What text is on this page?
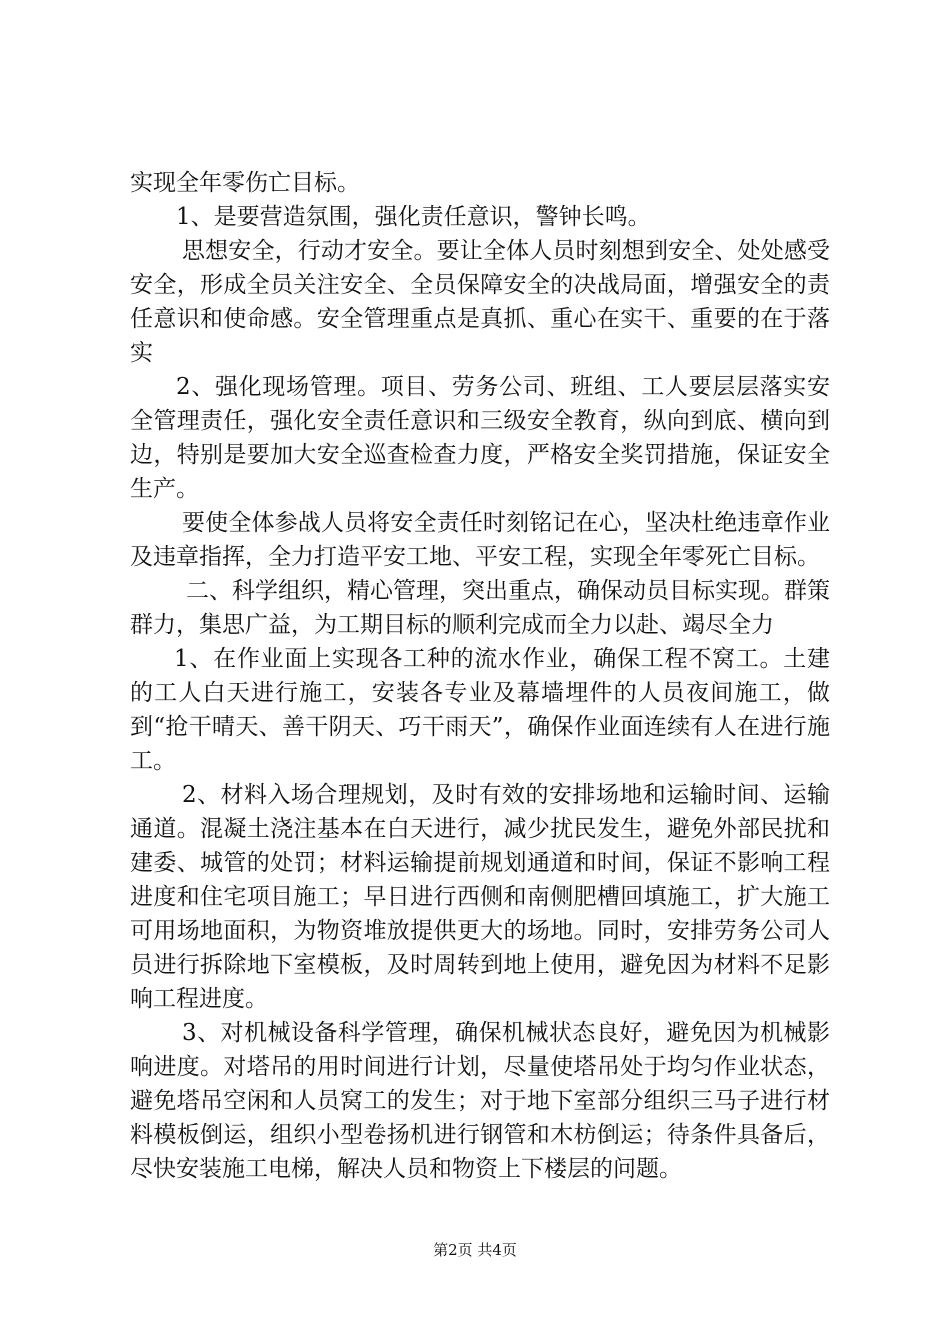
实现全年零伤亡目标。

1、是要营造氛围，强化责任意识，警钟长鸣。

思想安全，行动才安全。要让全体人员时刻想到安全、处处感受安全，形成全员关注安全、全员保障安全的决战局面，增强安全的责任意识和使命感。安全管理重点是真抓、重心在实干、重要的在于落实

2、强化现场管理。项目、劳务公司、班组、工人要层层落实安全管理责任，强化安全责任意识和三级安全教育，纵向到底、横向到边，特别是要加大安全巡查检查力度，严格安全奖罚措施，保证安全生产。

要使全体参战人员将安全责任时刻铭记在心，坚决杜绝违章作业及违章指挥，全力打造平安工地、平安工程，实现全年零死亡目标。

二、科学组织，精心管理，突出重点，确保动员目标实现。群策群力，集思广益，为工期目标的顺利完成而全力以赴、竭尽全力

1、在作业面上实现各工种的流水作业，确保工程不窝工。土建的工人白天进行施工，安装各专业及幕墙埋件的人员夜间施工，做到“抢干晴天、善干阴天、巧干雨天”，确保作业面连续有人在进行施工。

2、材料入场合理规划，及时有效的安排场地和运输时间、运输通道。混凝土浇注基本在白天进行，减少扰民发生，避免外部民扰和建委、城管的处罚；材料运输提前规划通道和时间，保证不影响工程进度和住宅项目施工；早日进行西侧和南侧肥槽回填施工，扩大施工可用场地面积，为物资堆放提供更大的场地。同时，安排劳务公司人员进行拆除地下室模板，及时周转到地上使用，避免因为材料不足影响工程进度。

3、对机械设备科学管理，确保机械状态良好，避免因为机械影响进度。对塔吊的用时间进行计划，尽量使塔吊处于均匀作业状态，避免塔吊空闲和人员窝工的发生；对于地下室部分组织三马子进行材料模板倒运，组织小型卷扬机进行钢管和木枋倒运；待条件具备后，尽快安装施工电梯，解决人员和物资上下楼层的问题。

第2页 共4页
